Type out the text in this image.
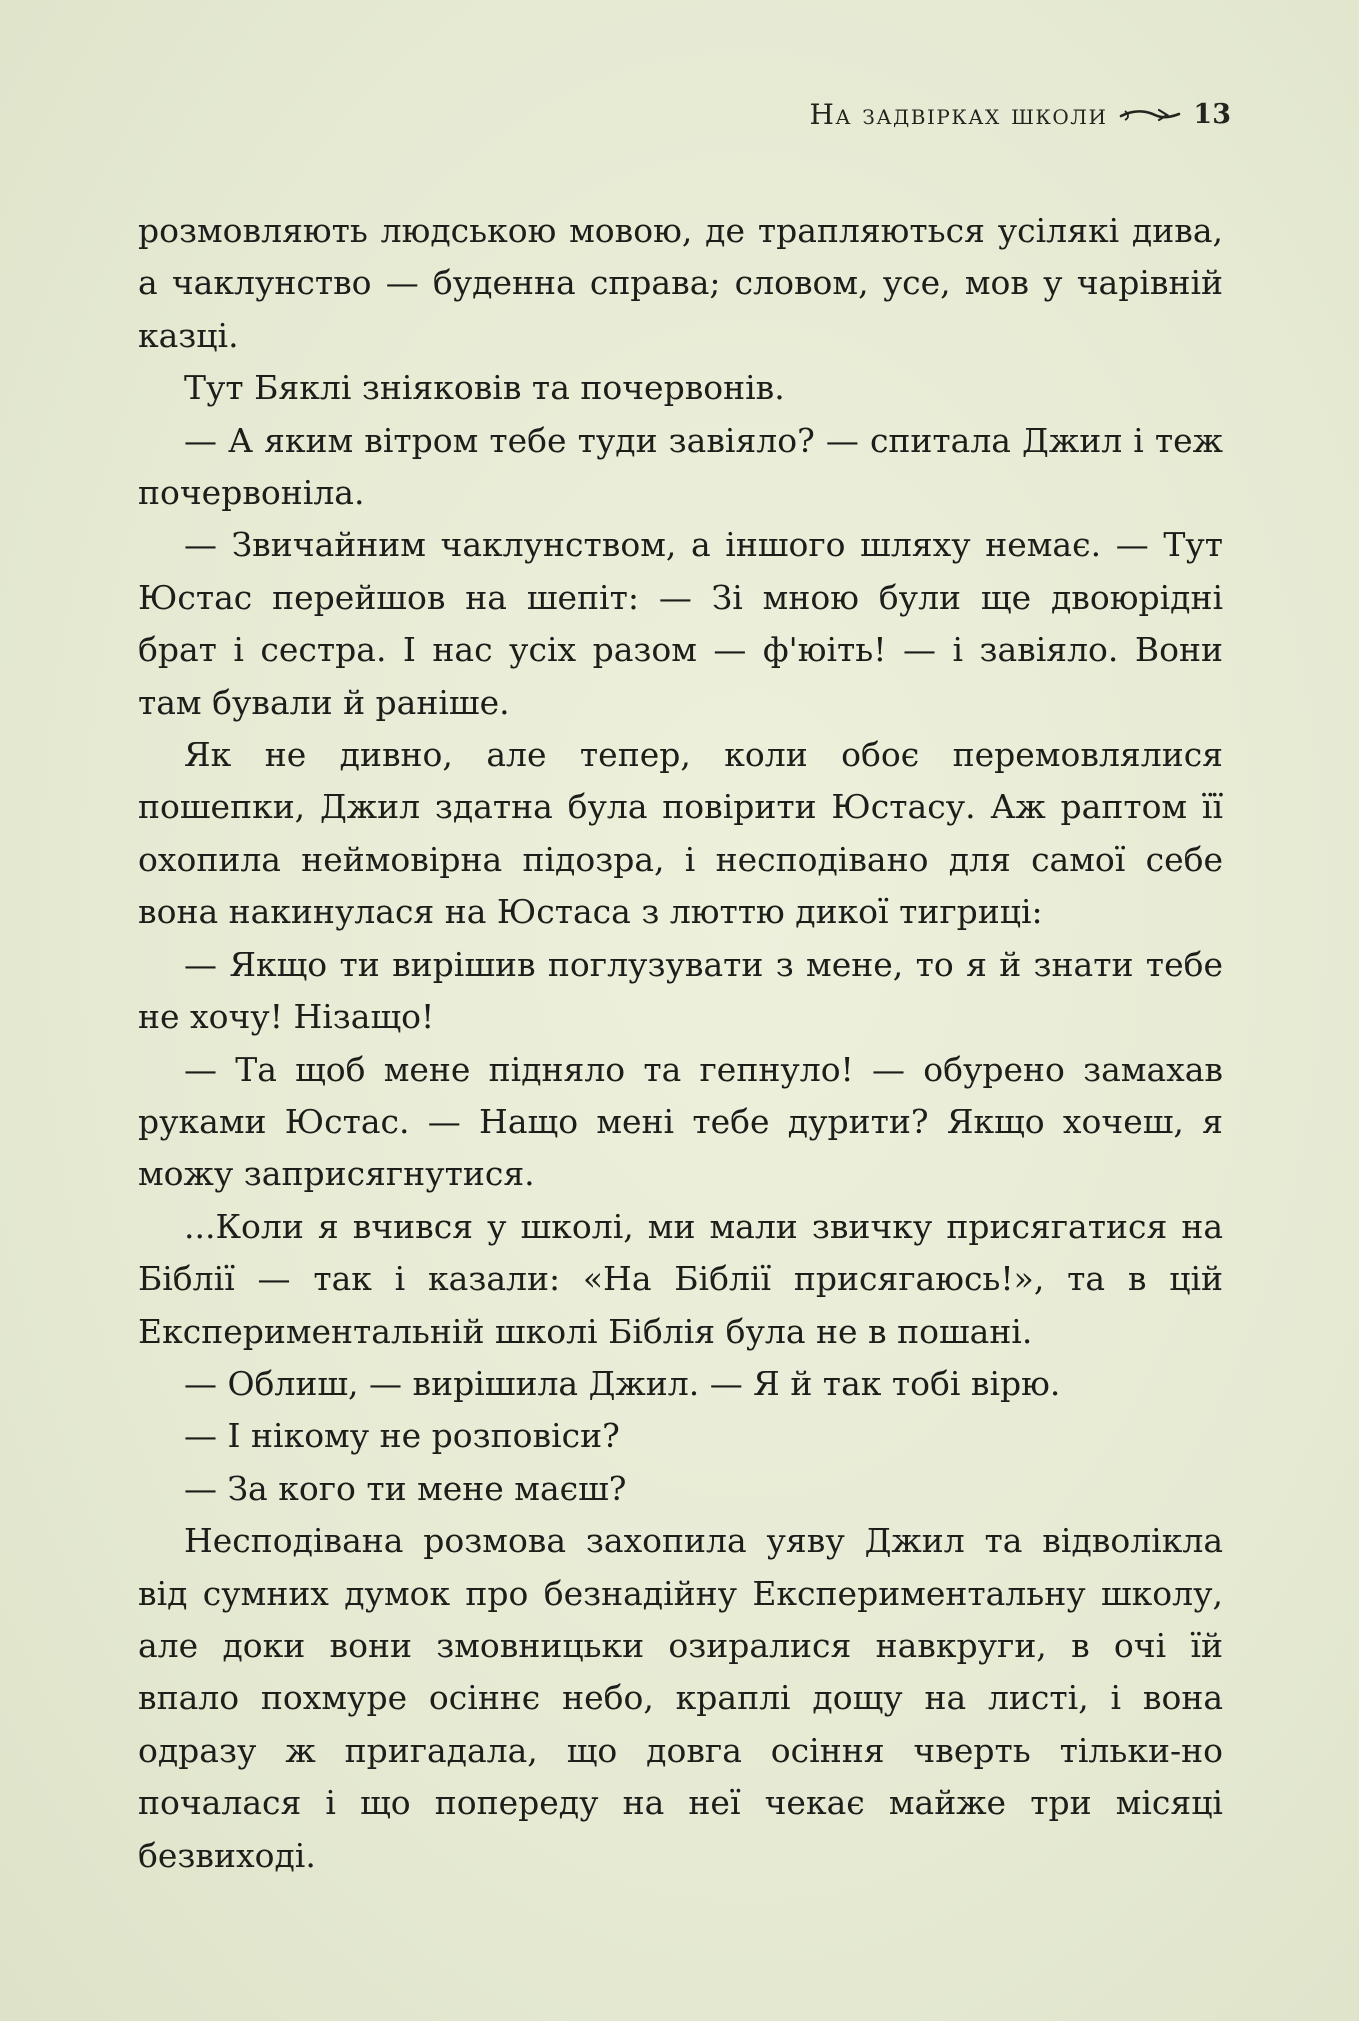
На задвірках школи	13

розмовляють людською мовою, де трапляються усілякі дива, а чаклунство — буденна справа; словом, усе, мов у чарівній казці.

Тут Бяклі зніяковів та почервонів.

— А яким вітром тебе туди завіяло? — спитала Джил і теж почервоніла.

— Звичайним чаклунством, а іншого шляху немає. — Тут Юстас перейшов на шепіт: — Зі мною були ще двоюрідні брат і сестра. І нас усіх разом — ф'юіть! — і завіяло. Вони там бували й раніше.

Як не дивно, але тепер, коли обоє перемовлялися пошепки, Джил здатна була повірити Юстасу. Аж раптом її охопила неймовірна підозра, і несподівано для самої себе вона накинулася на Юстаса з люттю дикої тигриці:

— Якщо ти вирішив поглузувати з мене, то я й знати тебе не хочу! Нізащо!

— Та щоб мене підняло та гепнуло! — обурено замахав руками Юстас. — Нащо мені тебе дурити? Якщо хочеш, я можу заприсягнутися.

...Коли я вчився у школі, ми мали звичку присягатися на Біблії — так і казали: «На Біблії присягаюсь!», та в цій Експериментальній школі Біблія була не в пошані.

— Облиш, — вирішила Джил. — Я й так тобі вірю.

— І нікому не розповіси?

— За кого ти мене маєш?

Несподівана розмова захопила уяву Джил та відволікла від сумних думок про безнадійну Експериментальну школу, але доки вони змовницьки озиралися навкруги, в очі їй впало похмуре осіннє небо, краплі дощу на листі, і вона одразу ж пригадала, що довга осіння чверть тільки-но почалася і що попереду на неї чекає майже три місяці безвиході.
